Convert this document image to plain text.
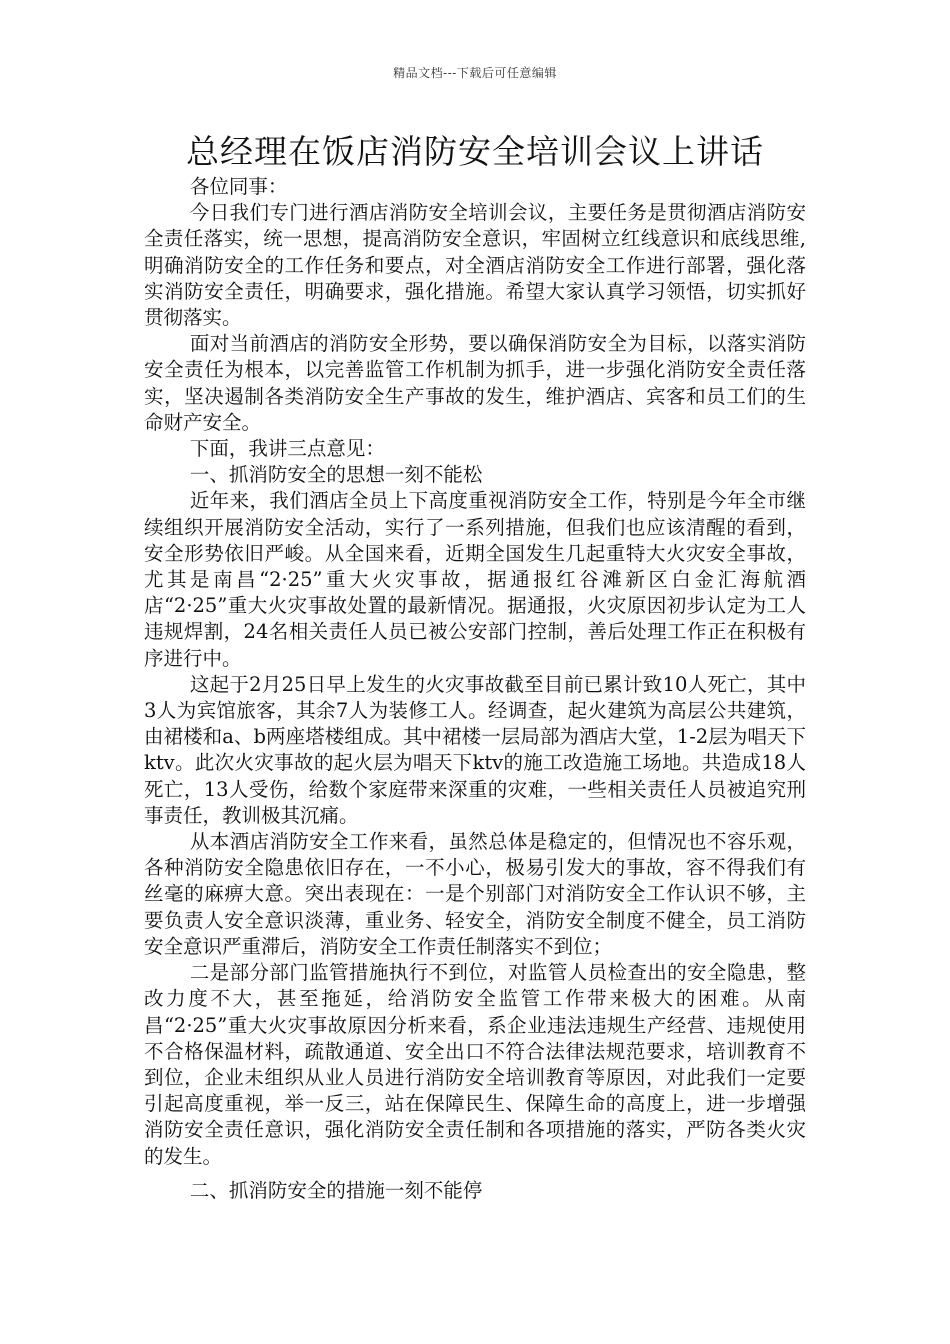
精品文档---下载后可任意编辑
总经理在饭店消防安全培训会议上讲话

各位同事：

今日我们专门进行酒店消防安全培训会议，主要任务是贯彻酒店消防安全责任落实，统一思想，提高消防安全意识，牢固树立红线意识和底线思维,明确消防安全的工作任务和要点，对全酒店消防安全工作进行部署，强化落实消防安全责任，明确要求，强化措施。希望大家认真学习领悟，切实抓好贯彻落实。

面对当前酒店的消防安全形势，要以确保消防安全为目标，以落实消防安全责任为根本，以完善监管工作机制为抓手，进一步强化消防安全责任落实，坚决遏制各类消防安全生产事故的发生，维护酒店、宾客和员工们的生命财产安全。

下面，我讲三点意见：

一、抓消防安全的思想一刻不能松

近年来，我们酒店全员上下高度重视消防安全工作，特别是今年全市继续组织开展消防安全活动，实行了一系列措施，但我们也应该清醒的看到，安全形势依旧严峻。从全国来看，近期全国发生几起重特大火灾安全事故，尤其是南昌“2·25”重大火灾事故，据通报红谷滩新区白金汇海航酒店“2·25”重大火灾事故处置的最新情况。据通报，火灾原因初步认定为工人违规焊割，24名相关责任人员已被公安部门控制，善后处理工作正在积极有序进行中。

这起于2月25日早上发生的火灾事故截至目前已累计致10人死亡，其中3人为宾馆旅客，其余7人为装修工人。经调查，起火建筑为高层公共建筑，由裙楼和a、b两座塔楼组成。其中裙楼一层局部为酒店大堂，1-2层为唱天下ktv。此次火灾事故的起火层为唱天下ktv的施工改造施工场地。共造成18人死亡，13人受伤，给数个家庭带来深重的灾难，一些相关责任人员被追究刑事责任，教训极其沉痛。

从本酒店消防安全工作来看，虽然总体是稳定的，但情况也不容乐观，各种消防安全隐患依旧存在，一不小心，极易引发大的事故，容不得我们有丝毫的麻痹大意。突出表现在：一是个别部门对消防安全工作认识不够，主要负责人安全意识淡薄，重业务、轻安全，消防安全制度不健全，员工消防安全意识严重滞后，消防安全工作责任制落实不到位；

二是部分部门监管措施执行不到位，对监管人员检查出的安全隐患，整改力度不大，甚至拖延，给消防安全监管工作带来极大的困难。从南昌“2·25”重大火灾事故原因分析来看，系企业违法违规生产经营、违规使用不合格保温材料，疏散通道、安全出口不符合法律法规范要求，培训教育不到位，企业未组织从业人员进行消防安全培训教育等原因，对此我们一定要引起高度重视，举一反三，站在保障民生、保障生命的高度上，进一步增强消防安全责任意识，强化消防安全责任制和各项措施的落实，严防各类火灾的发生。

二、抓消防安全的措施一刻不能停
